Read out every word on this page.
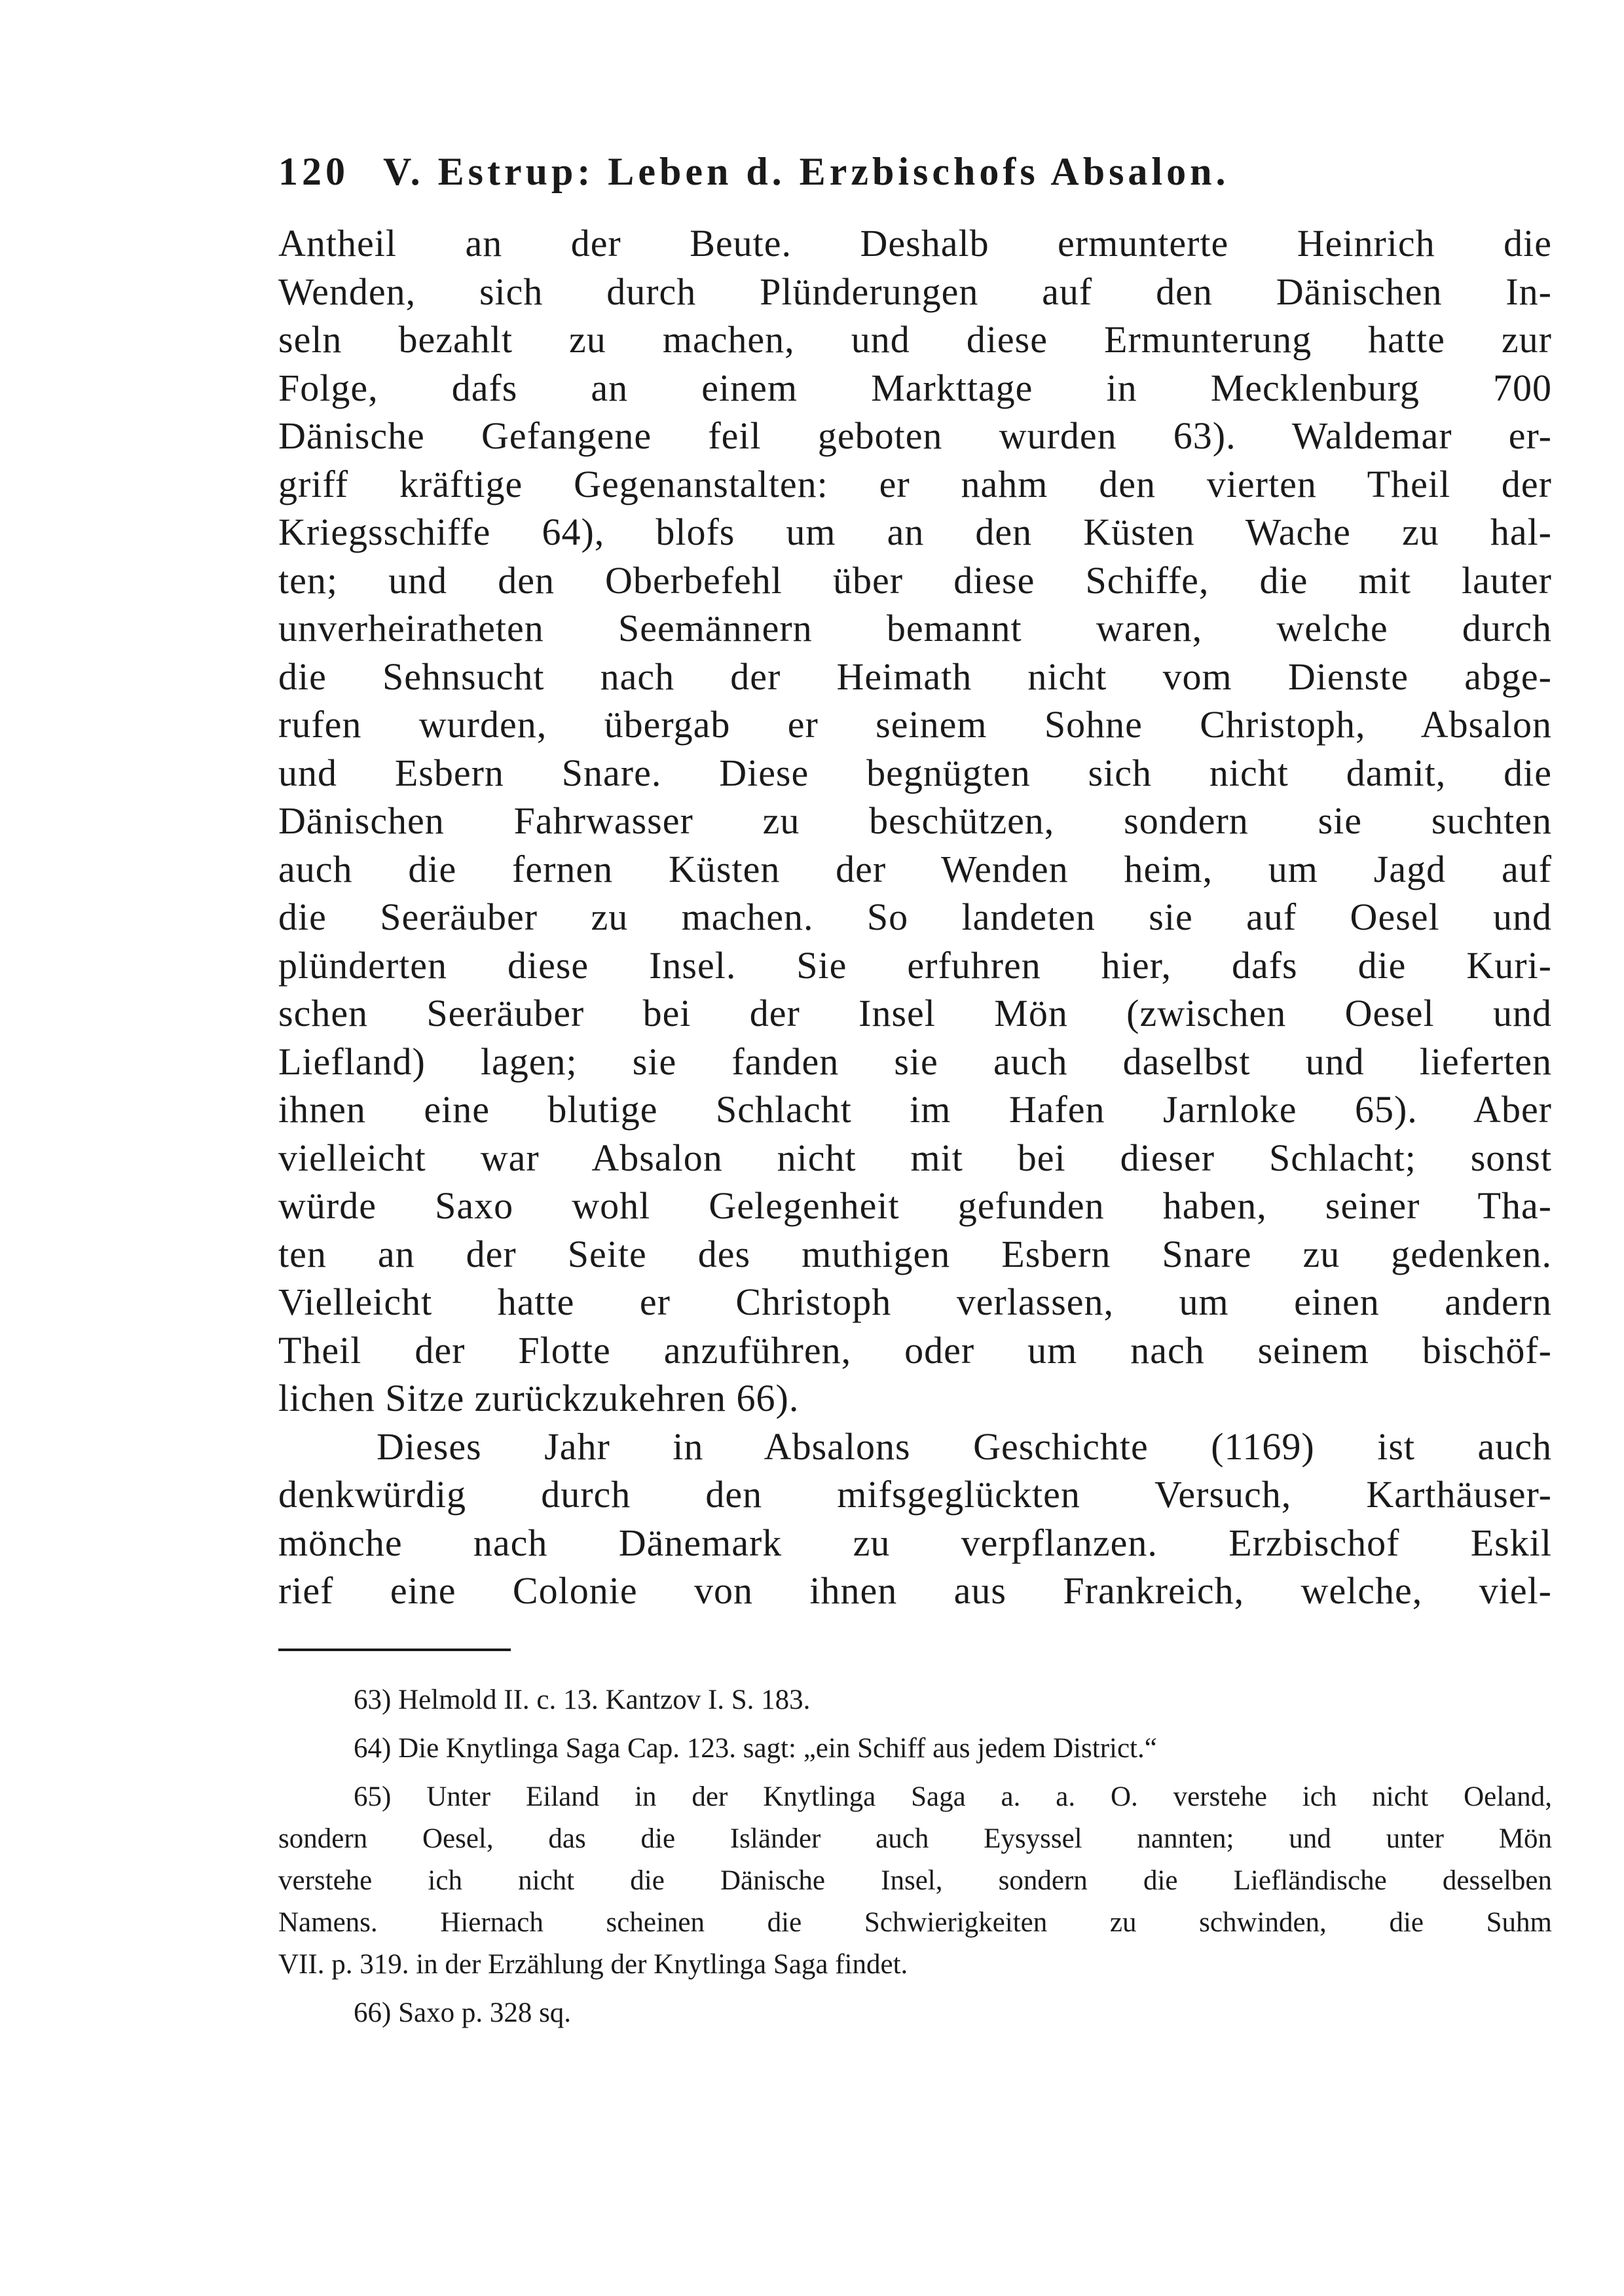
120 V. Estrup: Leben d. Erzbischofs Absalon.
Antheil an der Beute. Deshalb ermunterte Heinrich die
Wenden, sich durch Plünderungen auf den Dänischen In-
seln bezahlt zu machen, und diese Ermunterung hatte zur
Folge, dafs an einem Markttage in Mecklenburg 700
Dänische Gefangene feil geboten wurden 63). Waldemar er-
griff kräftige Gegenanstalten: er nahm den vierten Theil der
Kriegsschiffe 64), blofs um an den Küsten Wache zu hal-
ten; und den Oberbefehl über diese Schiffe, die mit lauter
unverheiratheten Seemännern bemannt waren, welche durch
die Sehnsucht nach der Heimath nicht vom Dienste abge-
rufen wurden, übergab er seinem Sohne Christoph, Absalon
und Esbern Snare. Diese begnügten sich nicht damit, die
Dänischen Fahrwasser zu beschützen, sondern sie suchten
auch die fernen Küsten der Wenden heim, um Jagd auf
die Seeräuber zu machen. So landeten sie auf Oesel und
plünderten diese Insel. Sie erfuhren hier, dafs die Kuri-
schen Seeräuber bei der Insel Mön (zwischen Oesel und
Liefland) lagen; sie fanden sie auch daselbst und lieferten
ihnen eine blutige Schlacht im Hafen Jarnloke 65). Aber
vielleicht war Absalon nicht mit bei dieser Schlacht; sonst
würde Saxo wohl Gelegenheit gefunden haben, seiner Tha-
ten an der Seite des muthigen Esbern Snare zu gedenken.
Vielleicht hatte er Christoph verlassen, um einen andern
Theil der Flotte anzuführen, oder um nach seinem bischöf-
lichen Sitze zurückzukehren 66).
Dieses Jahr in Absalons Geschichte (1169) ist auch
denkwürdig durch den mifsgeglückten Versuch, Karthäuser-
mönche nach Dänemark zu verpflanzen. Erzbischof Eskil
rief eine Colonie von ihnen aus Frankreich, welche, viel-
63) Helmold II. c. 13. Kantzov I. S. 183.
64) Die Knytlinga Saga Cap. 123. sagt: „ein Schiff aus jedem District.“
65) Unter Eiland in der Knytlinga Saga a. a. O. verstehe ich nicht Oeland,
sondern Oesel, das die Isländer auch Eysyssel nannten; und unter Mön
verstehe ich nicht die Dänische Insel, sondern die Liefländische desselben
Namens. Hiernach scheinen die Schwierigkeiten zu schwinden, die Suhm
VII. p. 319. in der Erzählung der Knytlinga Saga findet.
66) Saxo p. 328 sq.
